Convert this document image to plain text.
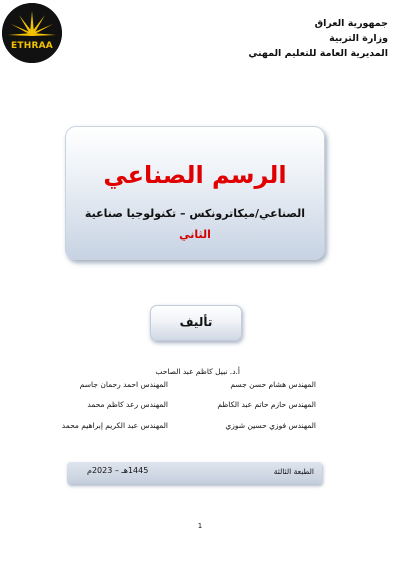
ETHRAA
جمهورية العراق
وزارة التربية
المديرية العامة للتعليم المهني
الرسم الصناعي
الصناعي/ميكاترونكس – تكنولوجيا صناعية
الثاني
تأليف
أ.د. نبيل كاظم عبد الصاحب
المهندس هشام حسن جسم
المهندس احمد رحمان جاسم
المهندس حازم حاتم عبد الكاظم
المهندس رعد كاظم محمد
المهندس فوزي حسين شوزي
المهندس عبد الكريم إبراهيم محمد
الطبعة الثالثة
1445هـ – 2023م
1
